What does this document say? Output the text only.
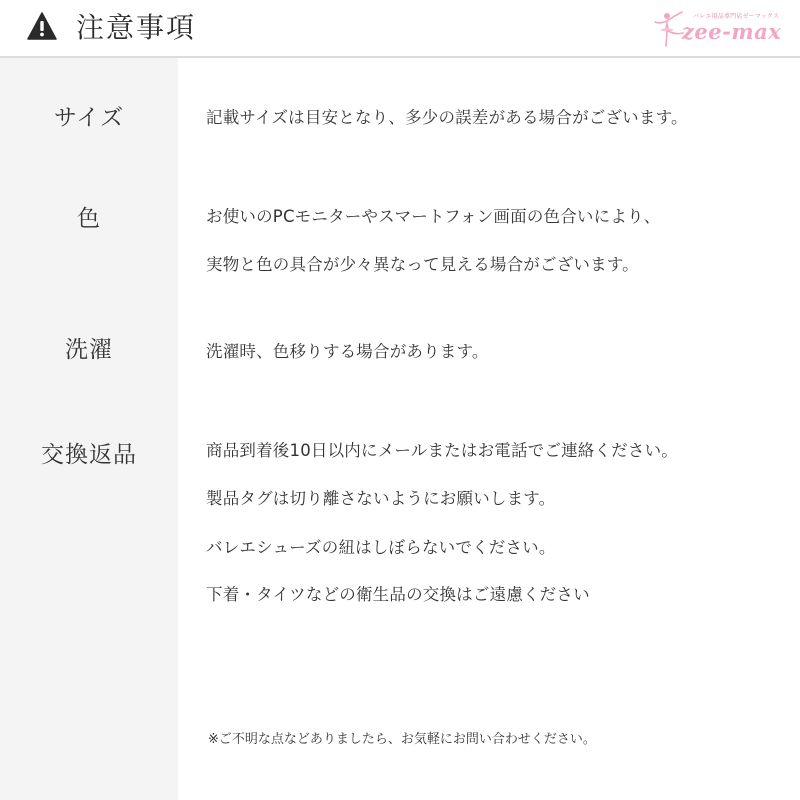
注意事項	バレエ用品専門店ゼーマックス
zee-max
サイズ	記載サイズは目安となり、多少の誤差がある場合がございます。
色	お使いのPCモニターやスマートフォン画面の色合いにより、
実物と色の具合が少々異なって見える場合がございます。
洗濯	洗濯時、色移りする場合があります。
交換返品	商品到着後10日以内にメールまたはお電話でご連絡ください。
製品タグは切り離さないようにお願いします。
バレエシューズの紐はしぼらないでください。
下着・タイツなどの衛生品の交換はご遠慮ください
※ご不明な点などありましたら、お気軽にお問い合わせください。
